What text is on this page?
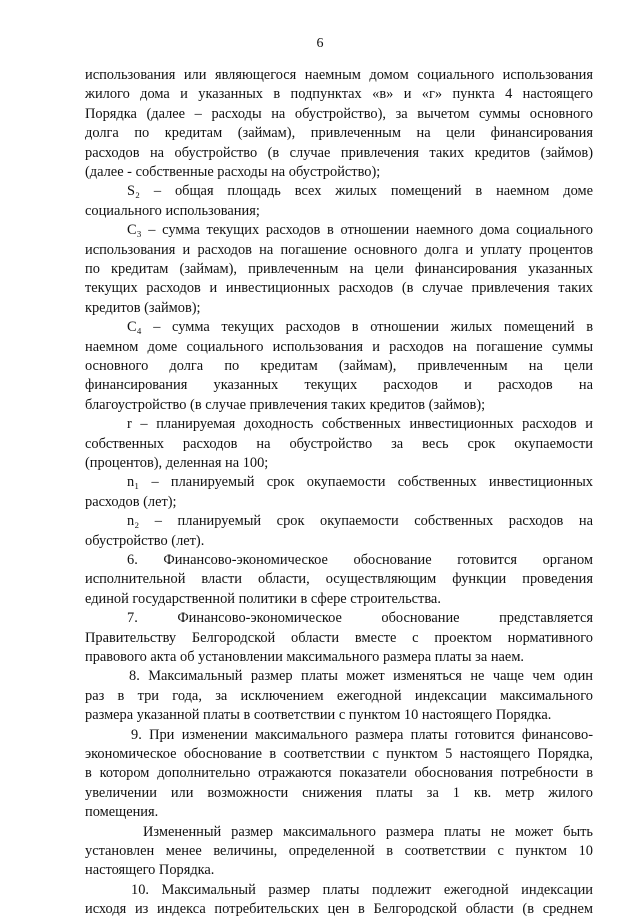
6
использования или являющегося наемным домом социального использования
жилого дома и указанных в подпунктах «в» и «г» пункта 4 настоящего
Порядка (далее – расходы на обустройство), за вычетом суммы основного
долга по кредитам (займам), привлеченным на цели финансирования
расходов на обустройство (в случае привлечения таких кредитов (займов)
(далее - собственные расходы на обустройство);
S₂ – общая площадь всех жилых помещений в наемном доме
социального использования;
C₃ – сумма текущих расходов в отношении наемного дома социального
использования и расходов на погашение основного долга и уплату процентов
по кредитам (займам), привлеченным на цели финансирования указанных
текущих расходов и инвестиционных расходов (в случае привлечения таких
кредитов (займов);
C₄ – сумма текущих расходов в отношении жилых помещений в
наемном доме социального использования и расходов на погашение суммы
основного долга по кредитам (займам), привлеченным на цели
финансирования указанных текущих расходов и расходов на
благоустройство (в случае привлечения таких кредитов (займов);
r – планируемая доходность собственных инвестиционных расходов и
собственных расходов на обустройство за весь срок окупаемости
(процентов), деленная на 100;
n₁ – планируемый срок окупаемости собственных инвестиционных
расходов (лет);
n₂ – планируемый срок окупаемости собственных расходов на
обустройство (лет).
6. Финансово-экономическое обоснование готовится органом
исполнительной власти области, осуществляющим функции проведения
единой государственной политики в сфере строительства.
7. Финансово-экономическое обоснование представляется
Правительству Белгородской области вместе с проектом нормативного
правового акта об установлении максимального размера платы за наем.
8. Максимальный размер платы может изменяться не чаще чем один
раз в три года, за исключением ежегодной индексации максимального
размера указанной платы в соответствии с пунктом 10 настоящего Порядка.
9. При изменении максимального размера платы готовится финансово-
экономическое обоснование в соответствии с пунктом 5 настоящего Порядка,
в котором дополнительно отражаются показатели обоснования потребности в
увеличении или возможности снижения платы за 1 кв. метр жилого
помещения.
Измененный размер максимального размера платы не может быть
установлен менее величины, определенной в соответствии с пунктом 10
настоящего Порядка.
10. Максимальный размер платы подлежит ежегодной индексации
исходя из индекса потребительских цен в Белгородской области (в среднем
